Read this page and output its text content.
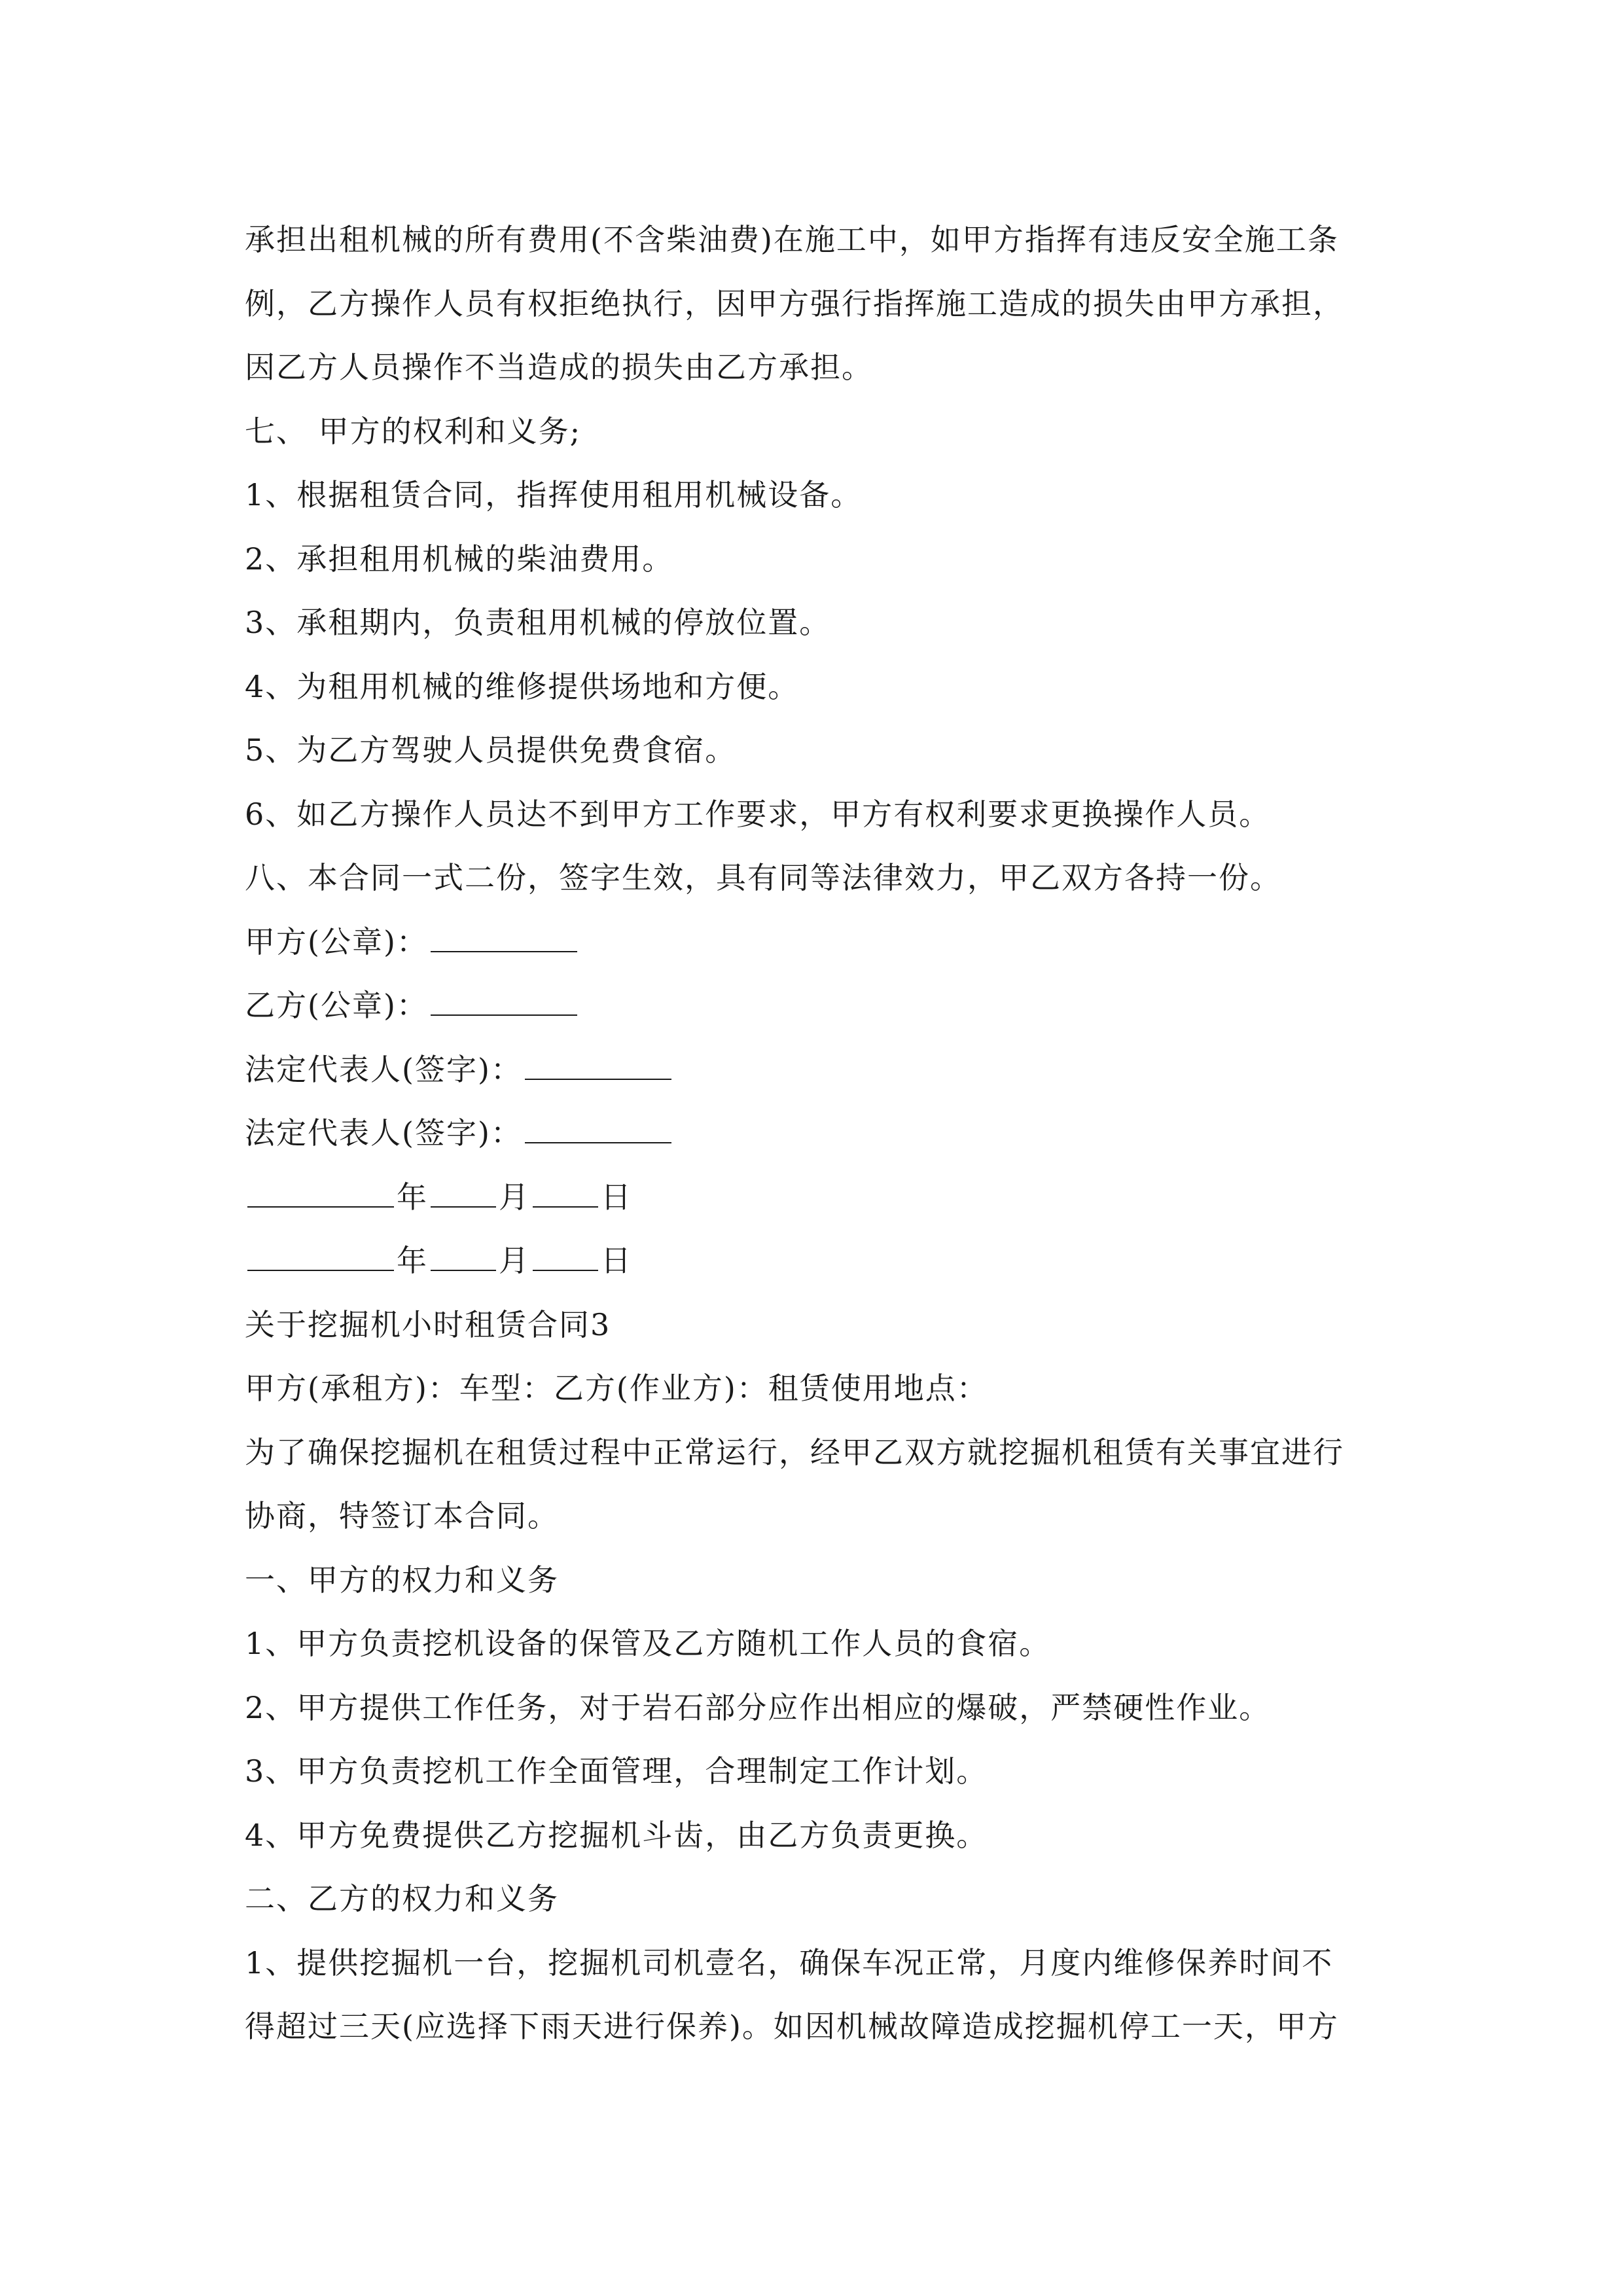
承担出租机械的所有费用(不含柴油费)在施工中，如甲方指挥有违反安全施工条
例，乙方操作人员有权拒绝执行，因甲方强行指挥施工造成的损失由甲方承担，
因乙方人员操作不当造成的损失由乙方承担。
七、 甲方的权利和义务;
1、根据租赁合同，指挥使用租用机械设备。
2、承担租用机械的柴油费用。
3、承租期内，负责租用机械的停放位置。
4、为租用机械的维修提供场地和方便。
5、为乙方驾驶人员提供免费食宿。
6、如乙方操作人员达不到甲方工作要求，甲方有权利要求更换操作人员。
八、本合同一式二份，签字生效，具有同等法律效力，甲乙双方各持一份。
甲方(公章)：
乙方(公章)：
法定代表人(签字)：
法定代表人(签字)：
年 月 日
年 月 日
关于挖掘机小时租赁合同3
甲方(承租方)：车型：乙方(作业方)：租赁使用地点：
为了确保挖掘机在租赁过程中正常运行，经甲乙双方就挖掘机租赁有关事宜进行
协商，特签订本合同。
一、甲方的权力和义务
1、甲方负责挖机设备的保管及乙方随机工作人员的食宿。
2、甲方提供工作任务，对于岩石部分应作出相应的爆破，严禁硬性作业。
3、甲方负责挖机工作全面管理，合理制定工作计划。
4、甲方免费提供乙方挖掘机斗齿，由乙方负责更换。
二、乙方的权力和义务
1、提供挖掘机一台，挖掘机司机壹名，确保车况正常，月度内维修保养时间不
得超过三天(应选择下雨天进行保养)。如因机械故障造成挖掘机停工一天，甲方
